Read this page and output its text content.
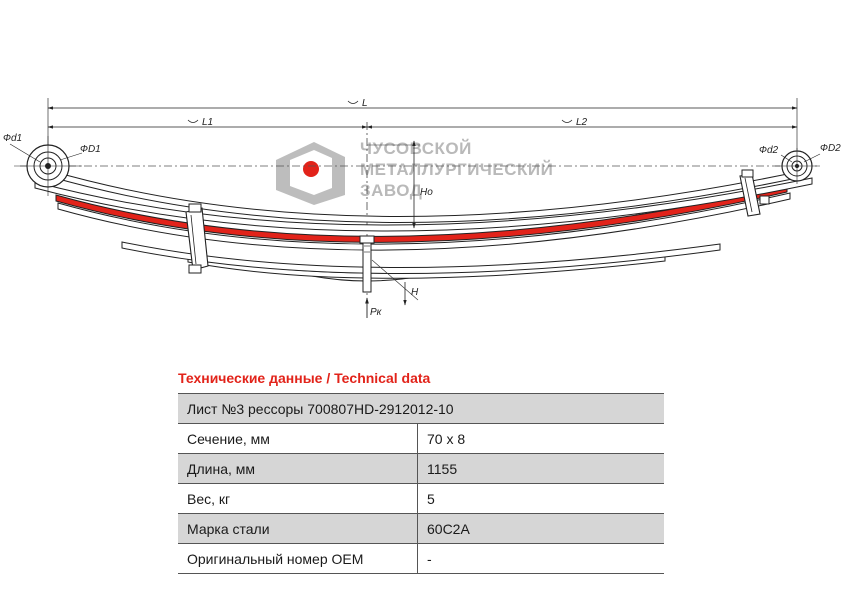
ЧУСОВСКОЙ
МЕТАЛЛУРГИЧЕСКИЙ
ЗАВОД
L
L1	L2
Фd1
ФD1	Фd2	ФD2
Ho
H
Pк
Технические данные / Technical data
Лист №3 рессоры 700807HD-2912012-10	
Сечение, мм	70 х 8
Длина, мм	1155
Вес, кг	5
Марка стали	60С2А
Оригинальный номер OEM	-
